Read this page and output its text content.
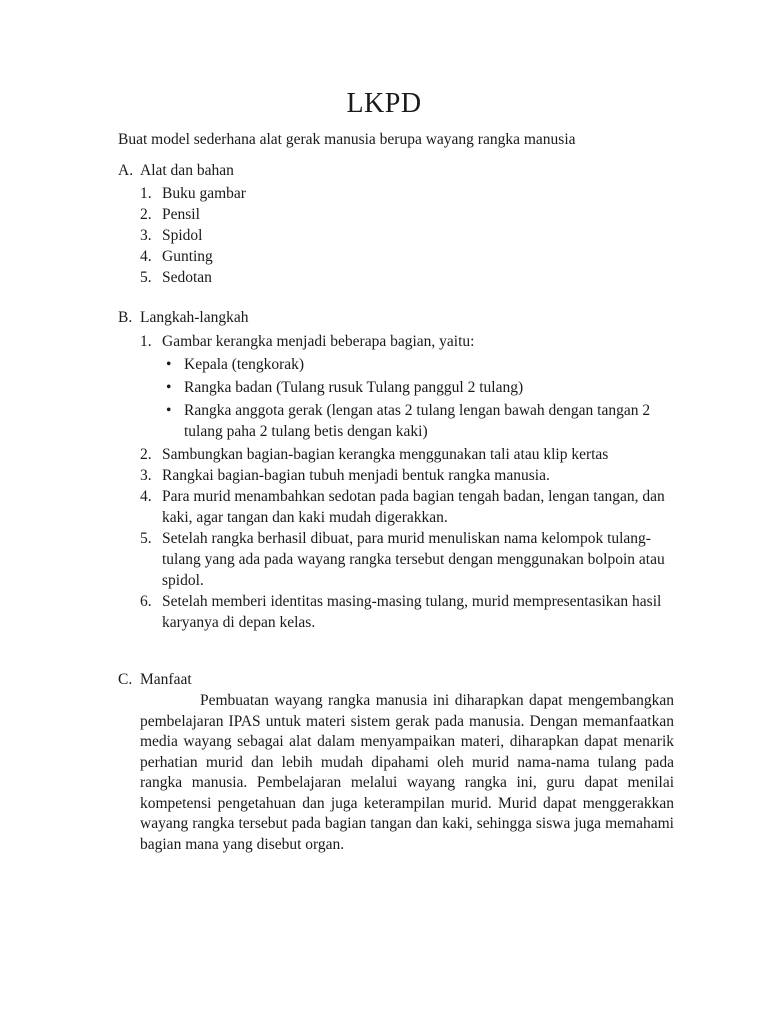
LKPD
Buat model sederhana alat gerak manusia berupa wayang rangka manusia
A. Alat dan bahan
1. Buku gambar
2. Pensil
3. Spidol
4. Gunting
5. Sedotan
B. Langkah-langkah
1. Gambar kerangka menjadi beberapa bagian, yaitu:
• Kepala (tengkorak)
• Rangka badan (Tulang rusuk Tulang panggul 2 tulang)
• Rangka anggota gerak (lengan atas 2 tulang lengan bawah dengan tangan 2 tulang paha 2 tulang betis dengan kaki)
2. Sambungkan bagian-bagian kerangka menggunakan tali atau klip kertas
3. Rangkai bagian-bagian tubuh menjadi bentuk rangka manusia.
4. Para murid menambahkan sedotan pada bagian tengah badan, lengan tangan, dan kaki, agar tangan dan kaki mudah digerakkan.
5. Setelah rangka berhasil dibuat, para murid menuliskan nama kelompok tulang-tulang yang ada pada wayang rangka tersebut dengan menggunakan bolpoin atau spidol.
6. Setelah memberi identitas masing-masing tulang, murid mempresentasikan hasil karyanya di depan kelas.
C. Manfaat
Pembuatan wayang rangka manusia ini diharapkan dapat mengembangkan pembelajaran IPAS untuk materi sistem gerak pada manusia. Dengan memanfaatkan media wayang sebagai alat dalam menyampaikan materi, diharapkan dapat menarik perhatian murid dan lebih mudah dipahami oleh murid nama-nama tulang pada rangka manusia. Pembelajaran melalui wayang rangka ini, guru dapat menilai kompetensi pengetahuan dan juga keterampilan murid. Murid dapat menggerakkan wayang rangka tersebut pada bagian tangan dan kaki, sehingga siswa juga memahami bagian mana yang disebut organ.
